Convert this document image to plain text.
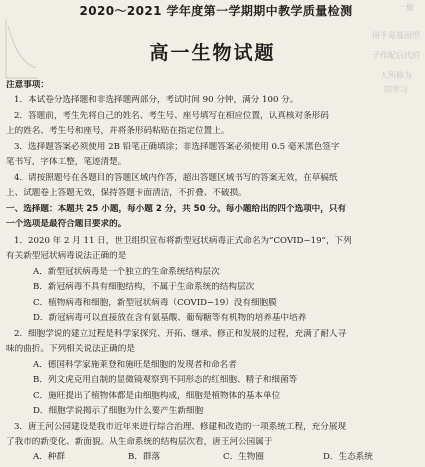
2020～2021 学年度第一学期期中教学质量检测	一般
用手是基因型
子作配后代的
人所称为
的学习
高一生物试题
注意事项：
1．本试卷分选择题和非选择题两部分，考试时间 90 分钟，满分 100 分。
2．答题前，考生先将自己的姓名、考生号、座号填写在相应位置，认真核对条形码
上的姓名、考生号和座号，并将条形码粘贴在指定位置上。
3．选择题答案必须使用 2B 铅笔正确填涂；非选择题答案必须使用 0.5 毫米黑色签字
笔书写，字体工整，笔迹清楚。
4．请按照题号在各题目的答题区域内作答，超出答题区域书写的答案无效，在草稿纸
上、试题卷上答题无效，保持答题卡面清洁，不折叠、不破损。
一、选择题：本题共 25 小题，每小题 2 分，共 50 分。每小题给出的四个选项中，只有
一个选项是最符合题目要求的。
1．2020 年 2 月 11 日，世卫组织宣布将新型冠状病毒正式命名为“COVID−19”，下列
有关新型冠状病毒说法正确的是
A．新型冠状病毒是一个独立的生命系统结构层次
B．新冠病毒不具有细胞结构，不属于生命系统的结构层次
C．植物病毒和细胞，新型冠状病毒（COVID−19）没有细胞膜
D．新冠病毒可以直接放在含有氨基酸、葡萄糖等有机物的培养基中培养
2．细胞学说的建立过程是科学家探究、开拓、继承、修正和发展的过程，充满了耐人寻
味的曲折。下列相关说法正确的是
A．德国科学家施莱登和施旺是细胞的发现者和命名者
B．列文虎克用自制的显微镜观察到不同形态的红细胞、精子和细菌等
C．施旺提出了植物体都是由细胞构成，细胞是植物体的基本单位
D．细胞学说揭示了细胞为什么要产生新细胞
3．唐王河公园建设是我市近年来进行综合治理、修建和改造的一项系统工程，充分展现
了我市的新变化、新面貌。从生命系统的结构层次看，唐王河公园属于
A．种群	B．群落	C．生物圈	D．生态系统
